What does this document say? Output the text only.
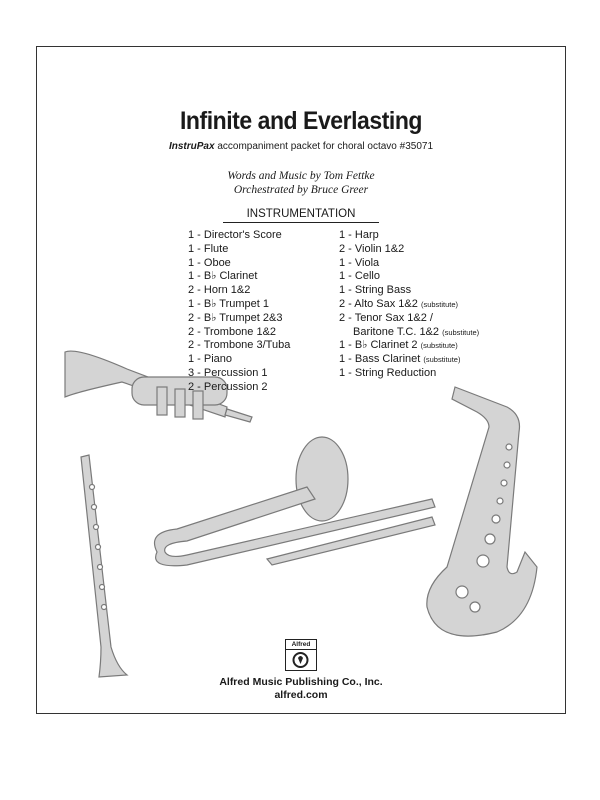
Infinite and Everlasting
InstruPax accompaniment packet for choral octavo #35071
Words and Music by Tom Fettke
Orchestrated by Bruce Greer
INSTRUMENTATION
1 - Director's Score
1 - Flute
1 - Oboe
1 - B♭ Clarinet
2 - Horn 1&2
1 - B♭ Trumpet 1
2 - B♭ Trumpet 2&3
2 - Trombone 1&2
2 - Trombone 3/Tuba
1 - Piano
3 - Percussion 1
2 - Percussion 2
1 - Harp
2 - Violin 1&2
1 - Viola
1 - Cello
1 - String Bass
2 - Alto Sax 1&2 (substitute)
2 - Tenor Sax 1&2 /
Baritone T.C. 1&2 (substitute)
1 - B♭ Clarinet 2 (substitute)
1 - Bass Clarinet (substitute)
1 - String Reduction
Alfred
Alfred Music Publishing Co., Inc.
alfred.com
